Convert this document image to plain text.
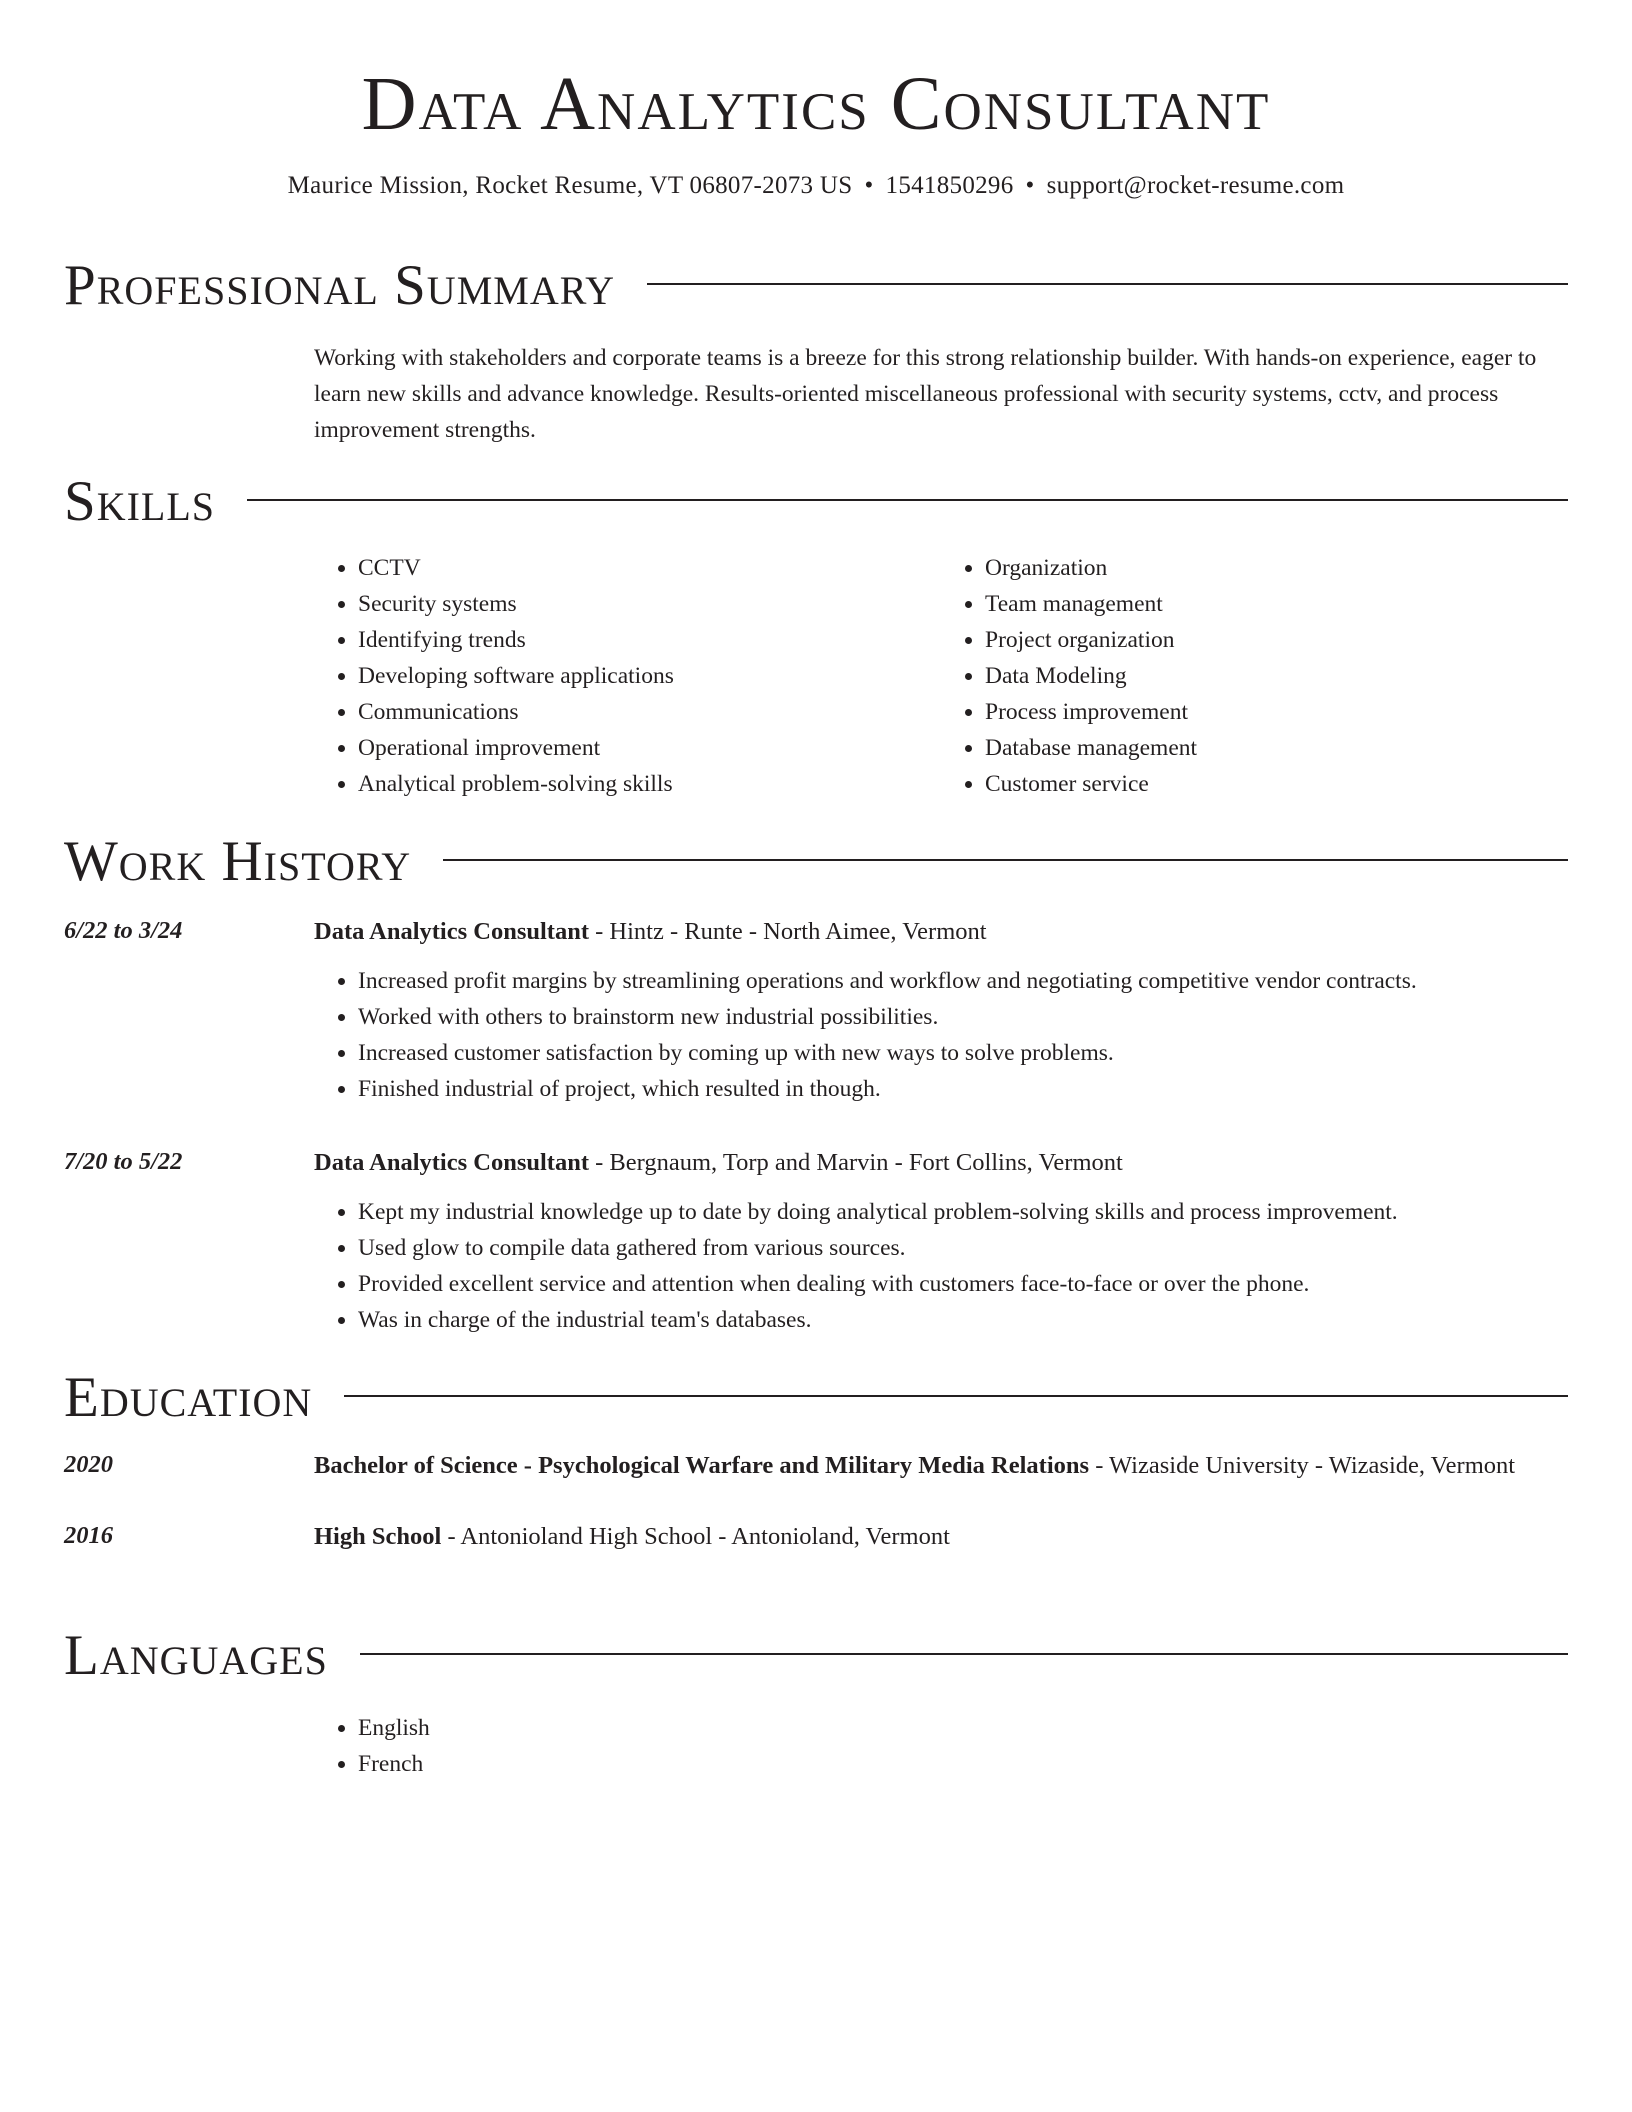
Data Analytics Consultant
Maurice Mission, Rocket Resume, VT 06807-2073 US • 1541850296 • support@rocket-resume.com
Professional Summary
Working with stakeholders and corporate teams is a breeze for this strong relationship builder. With hands-on experience, eager to learn new skills and advance knowledge. Results-oriented miscellaneous professional with security systems, cctv, and process improvement strengths.
Skills
• CCTV
• Security systems
• Identifying trends
• Developing software applications
• Communications
• Operational improvement
• Analytical problem-solving skills
• Organization
• Team management
• Project organization
• Data Modeling
• Process improvement
• Database management
• Customer service
Work History
6/22 to 3/24	Data Analytics Consultant - Hintz - Runte - North Aimee, Vermont
• Increased profit margins by streamlining operations and workflow and negotiating competitive vendor contracts.
• Worked with others to brainstorm new industrial possibilities.
• Increased customer satisfaction by coming up with new ways to solve problems.
• Finished industrial of project, which resulted in though.
7/20 to 5/22	Data Analytics Consultant - Bergnaum, Torp and Marvin - Fort Collins, Vermont
• Kept my industrial knowledge up to date by doing analytical problem-solving skills and process improvement.
• Used glow to compile data gathered from various sources.
• Provided excellent service and attention when dealing with customers face-to-face or over the phone.
• Was in charge of the industrial team's databases.
Education
2020	Bachelor of Science - Psychological Warfare and Military Media Relations - Wizaside University - Wizaside, Vermont
2016	High School - Antonioland High School - Antonioland, Vermont
Languages
• English
• French
